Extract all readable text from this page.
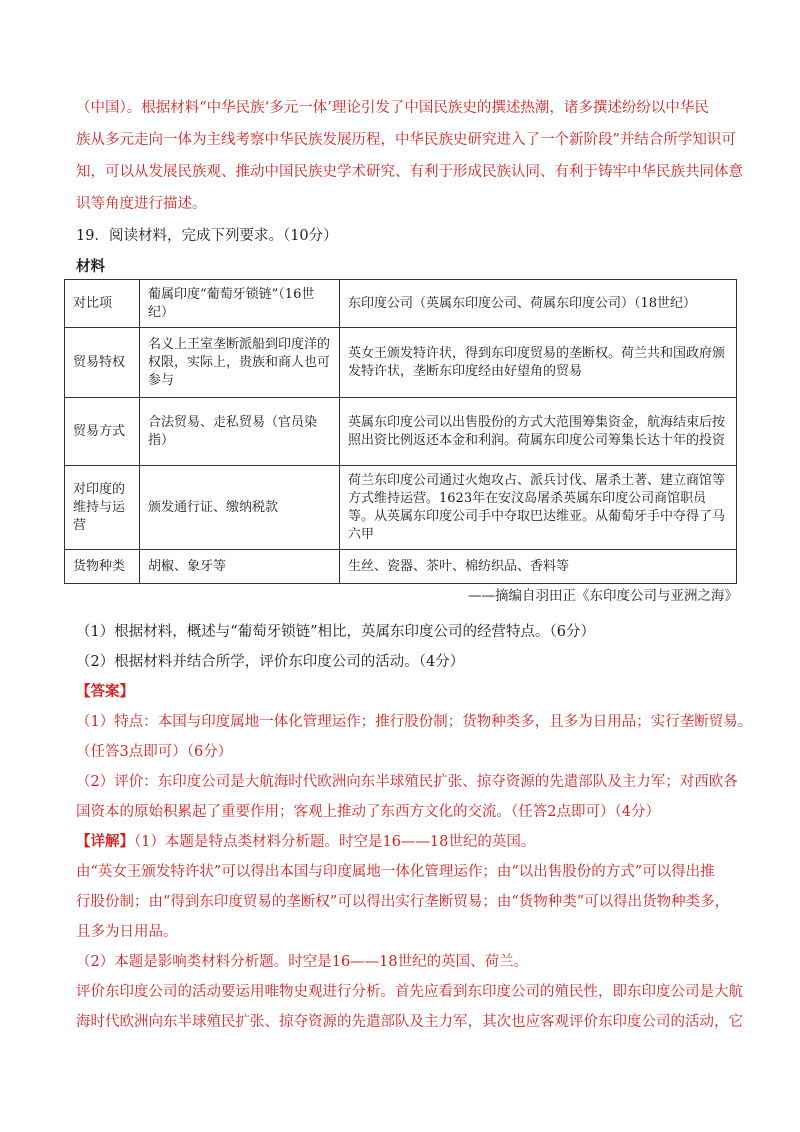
（中国）。根据材料“中华民族‘多元一体’理论引发了中国民族史的撰述热潮，诸多撰述纷纷以中华民
族从多元走向一体为主线考察中华民族发展历程，中华民族史研究进入了一个新阶段”并结合所学知识可
知，可以从发展民族观、推动中国民族史学术研究、有利于形成民族认同、有利于铸牢中华民族共同体意
识等角度进行描述。
19．阅读材料，完成下列要求。（10分）
材料
对比项	葡属印度“葡萄牙锁链”（16世纪）	东印度公司（英属东印度公司、荷属东印度公司）（18世纪）
贸易特权	名义上王室垄断派船到印度洋的权限，实际上，贵族和商人也可参与	英女王颁发特许状，得到东印度贸易的垄断权。荷兰共和国政府颁发特许状，垄断东印度经由好望角的贸易
贸易方式	合法贸易、走私贸易（官员染指）	英属东印度公司以出售股份的方式大范围筹集资金，航海结束后按照出资比例返还本金和利润。荷属东印度公司筹集长达十年的投资
对印度的维持与运营	颁发通行证、缴纳税款	荷兰东印度公司通过火炮攻占、派兵讨伐、屠杀土著、建立商馆等方式维持运营。1623年在安汶岛屠杀英属东印度公司商馆职员等。从英属东印度公司手中夺取巴达维亚。从葡萄牙手中夺得了马六甲
货物种类	胡椒、象牙等	生丝、瓷器、茶叶、棉纺织品、香料等
——摘编自羽田正《东印度公司与亚洲之海》
（1）根据材料，概述与“葡萄牙锁链”相比，英属东印度公司的经营特点。（6分）
（2）根据材料并结合所学，评价东印度公司的活动。（4分）
【答案】
（1）特点：本国与印度属地一体化管理运作；推行股份制；货物种类多，且多为日用品；实行垄断贸易。
（任答3点即可）（6分）
（2）评价：东印度公司是大航海时代欧洲向东半球殖民扩张、掠夺资源的先遣部队及主力军；对西欧各
国资本的原始积累起了重要作用；客观上推动了东西方文化的交流。（任答2点即可）（4分）
【详解】（1）本题是特点类材料分析题。时空是16——18世纪的英国。
由“英女王颁发特许状”可以得出本国与印度属地一体化管理运作；由“以出售股份的方式”可以得出推
行股份制；由“得到东印度贸易的垄断权”可以得出实行垄断贸易；由“货物种类”可以得出货物种类多，
且多为日用品。
（2）本题是影响类材料分析题。时空是16——18世纪的英国、荷兰。
评价东印度公司的活动要运用唯物史观进行分析。首先应看到东印度公司的殖民性，即东印度公司是大航
海时代欧洲向东半球殖民扩张、掠夺资源的先遣部队及主力军，其次也应客观评价东印度公司的活动，它
